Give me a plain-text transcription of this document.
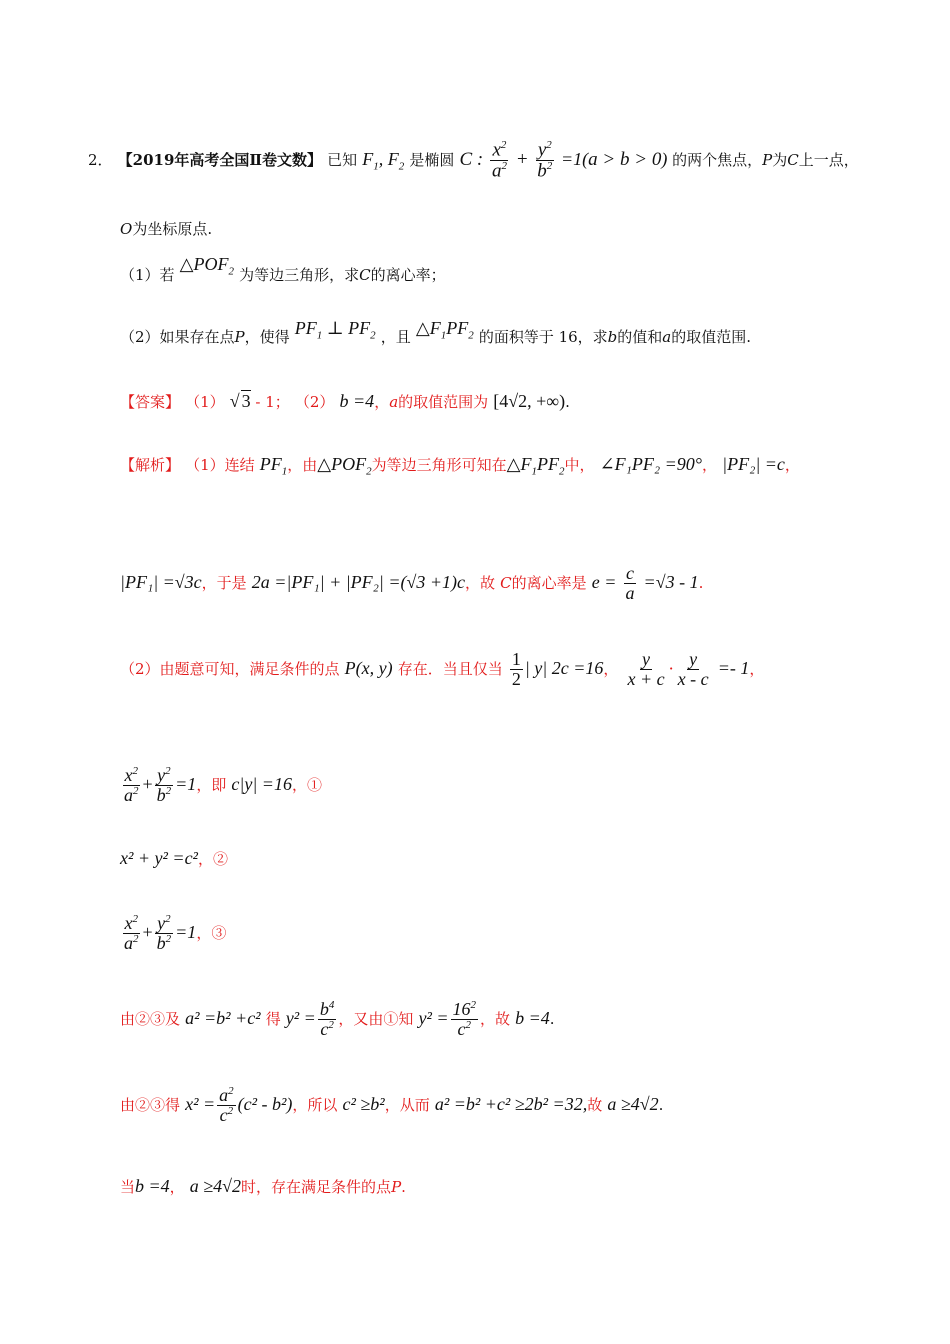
2． 【2019年高考全国Ⅱ卷文数】 已知 $F_1$, $F_2$ 是椭圆 C : $\frac{x^2}{a^2} + \frac{y^2}{b^2} =1(a > b > 0)$ 的两个焦点，P为C上一点，
O为坐标原点.
（1）若 $\triangle POF_2$ 为等边三角形，求C的离心率；
（2）如果存在点P，使得 $PF_1$ ⊥ $PF_2$ ，且 $\triangle F_1PF_2$ 的面积等于 16，求b的值和a的取值范围.
【答案】 （1） √ 3 - 1； （2） b =4，a的取值范围为 [4√2, +∞).
【解析】 （1）连结 $PF_1$，由$\triangle POF_2$为等边三角形可知在$\triangle F_1PF_2$中， ∠F₁PF₂ =90°， |PF₂| =c，
|PF₁| =√3c，于是 2a =|PF₁| + |PF₂| =(√3 +1)c，故 C的离心率是 $e = \frac{c}{a} =√3 - 1$.
（2）由题意可知，满足条件的点 P(x, y) 存在．当且仅当 $\frac{1}{2}$ | y| 2c =16， $\frac{y}{x + c} \cdot \frac{y}{x - c} =- 1$，
$\frac{x^2}{a^2} + \frac{y^2}{b^2} =1$，即 c|y| =16，①
x² + y² =c²，②
$\frac{x^2}{a^2} + \frac{y^2}{b^2} =1$，③
由②③及 a² =b² +c² 得 $y^2 = \frac{b^4}{c^2}$ ，又由①知 $y^2 = \frac{16^2}{c^2}$ ，故 b =4.
由②③得 $x^2 = \frac{a^2}{c^2} (c^2 - b^2)$，所以 c² ≥b²，从而 a² =b² +c² ≥2b² =32,故 a ≥4√2.
当b =4， a ≥4√2时，存在满足条件的点P.
